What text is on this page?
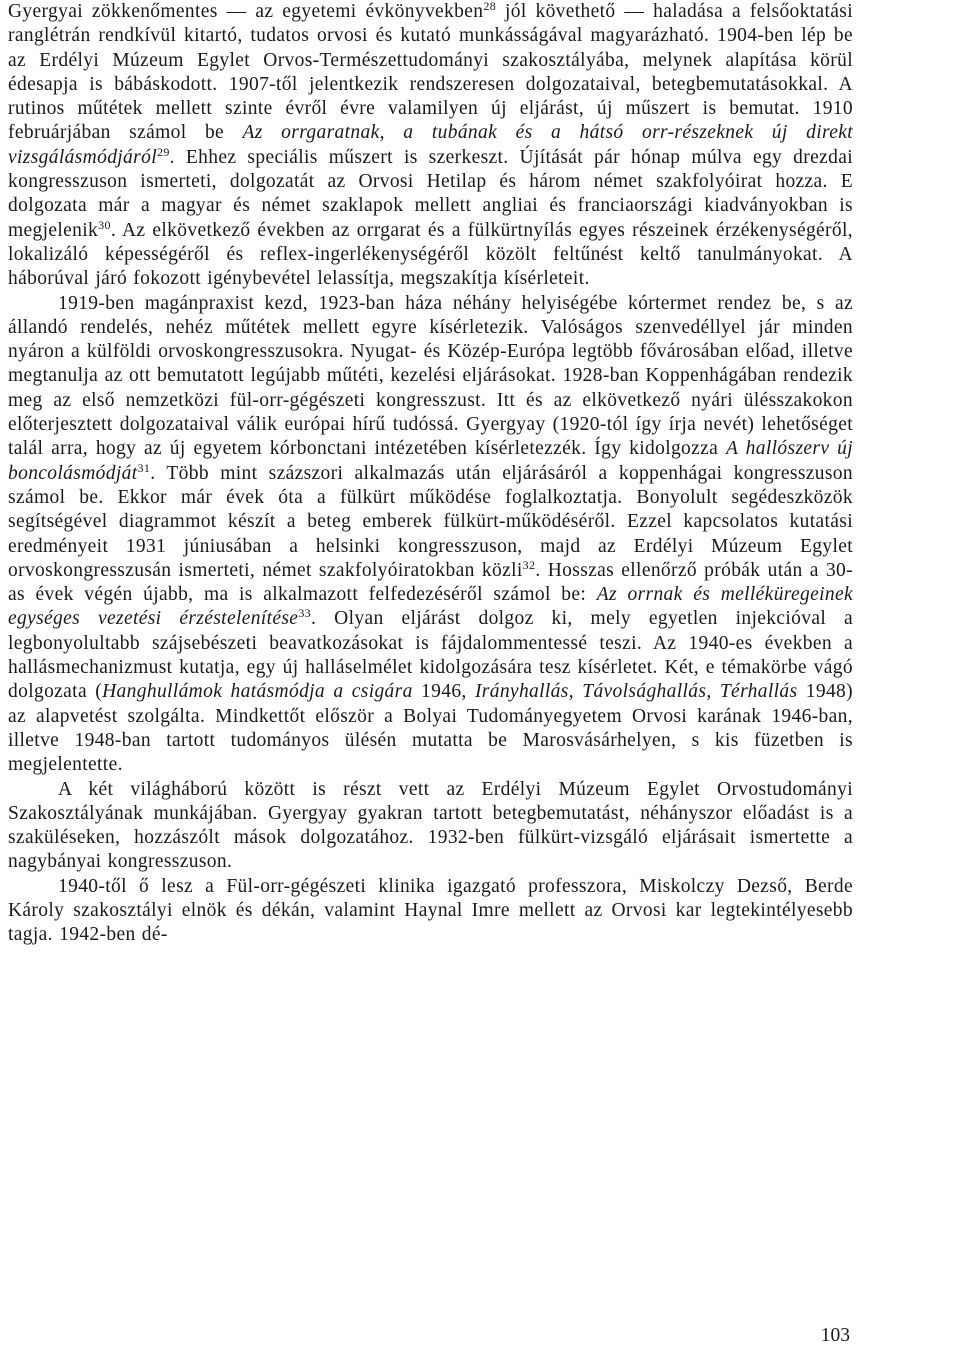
Gyergyai zökkenőmentes — az egyetemi évkönyvekben$^{28}$ jól követhető — haladása a felsőoktatási ranglétrán rendkívül kitartó, tudatos orvosi és kutató munkásságával magyarázható. 1904-ben lép be az Erdélyi Múzeum Egylet Orvos-Természettudományi szakosztályába, melynek alapítása körül édesapja is bábáskodott. 1907-től jelentkezik rendszeresen dolgozataival, betegbemutatásokkal. A rutinos műtétek mellett szinte évről évre valamilyen új eljárást, új műszert is bemutat. 1910 februárjában számol be Az orrgaratnak, a tubának és a hátsó orr-részeknek új direkt vizsgálásmódjáról$^{29}$. Ehhez speciális műszert is szerkeszt. Újítását pár hónap múlva egy drezdai kongresszuson ismerteti, dolgozatát az Orvosi Hetilap és három német szakfolyóirat hozza. E dolgozata már a magyar és német szaklapok mellett angliai és franciaországi kiadványokban is megjelenik$^{30}$. Az elkövetkező években az orrgarat és a fülkürtnyílás egyes részeinek érzékenységéről, lokalizáló képességéről és reflex-ingerlékenységéről közölt feltűnést keltő tanulmányokat. A háborúval járó fokozott igénybevétel lelassítja, megszakítja kísérleteit.

1919-ben magánpraxist kezd, 1923-ban háza néhány helyiségébe kórtermet rendez be, s az állandó rendelés, nehéz műtétek mellett egyre kísérletezik. Valóságos szenvedéllyel jár minden nyáron a külföldi orvoskongresszusokra. Nyugat- és Közép-Európa legtöbb fővárosában előad, illetve megtanulja az ott bemutatott legújabb műtéti, kezelési eljárásokat. 1928-ban Koppenhágában rendezik meg az első nemzetközi fül-orr-gégészeti kongresszust. Itt és az elkövetkező nyári ülésszakokon előterjesztett dolgozataival válik európai hírű tudóssá. Gyergyay (1920-tól így írja nevét) lehetőséget talál arra, hogy az új egyetem kórbonctani intézetében kísérletezzék. Így kidolgozza A hallószerv új boncolásmódját$^{31}$. Több mint százszori alkalmazás után eljárásáról a koppenhágai kongresszuson számol be. Ekkor már évek óta a fülkürt működése foglalkoztatja. Bonyolult segédeszközök segítségével diagrammot készít a beteg emberek fülkürt-működéséről. Ezzel kapcsolatos kutatási eredményeit 1931 júniusában a helsinki kongresszuson, majd az Erdélyi Múzeum Egylet orvoskongresszusán ismerteti, német szakfolyóiratokban közli$^{32}$. Hosszas ellenőrző próbák után a 30-as évek végén újabb, ma is alkalmazott felfedezéséről számol be: Az orrnak és melléküregeinek egységes vezetési érzéstelenítése$^{33}$. Olyan eljárást dolgoz ki, mely egyetlen injekcióval a legbonyolultabb szájsebészeti beavatkozásokat is fájdalommentessé teszi. Az 1940-es években a hallásmechanizmust kutatja, egy új halláselmélet kidolgozására tesz kísérletet. Két, e témakörbe vágó dolgozata (Hanghullámok hatásmódja a csigára 1946, Irányhallás, Távolsághallás, Térhallás 1948) az alapvetést szolgálta. Mindkettőt először a Bolyai Tudományegyetem Orvosi karának 1946-ban, illetve 1948-ban tartott tudományos ülésén mutatta be Marosvásárhelyen, s kis füzetben is megjelentette.

A két világháború között is részt vett az Erdélyi Múzeum Egylet Orvostudományi Szakosztályának munkájában. Gyergyay gyakran tartott betegbemutatást, néhányszor előadást is a szaküléseken, hozzászólt mások dolgozatához. 1932-ben fülkürt-vizsgáló eljárásait ismertette a nagybányai kongresszuson.

1940-től ő lesz a Fül-orr-gégészeti klinika igazgató professzora, Miskolczy Dezső, Berde Károly szakosztályi elnök és dékán, valamint Haynal Imre mellett az Orvosi kar legtekintélyesebb tagja. 1942-ben dé-

103
